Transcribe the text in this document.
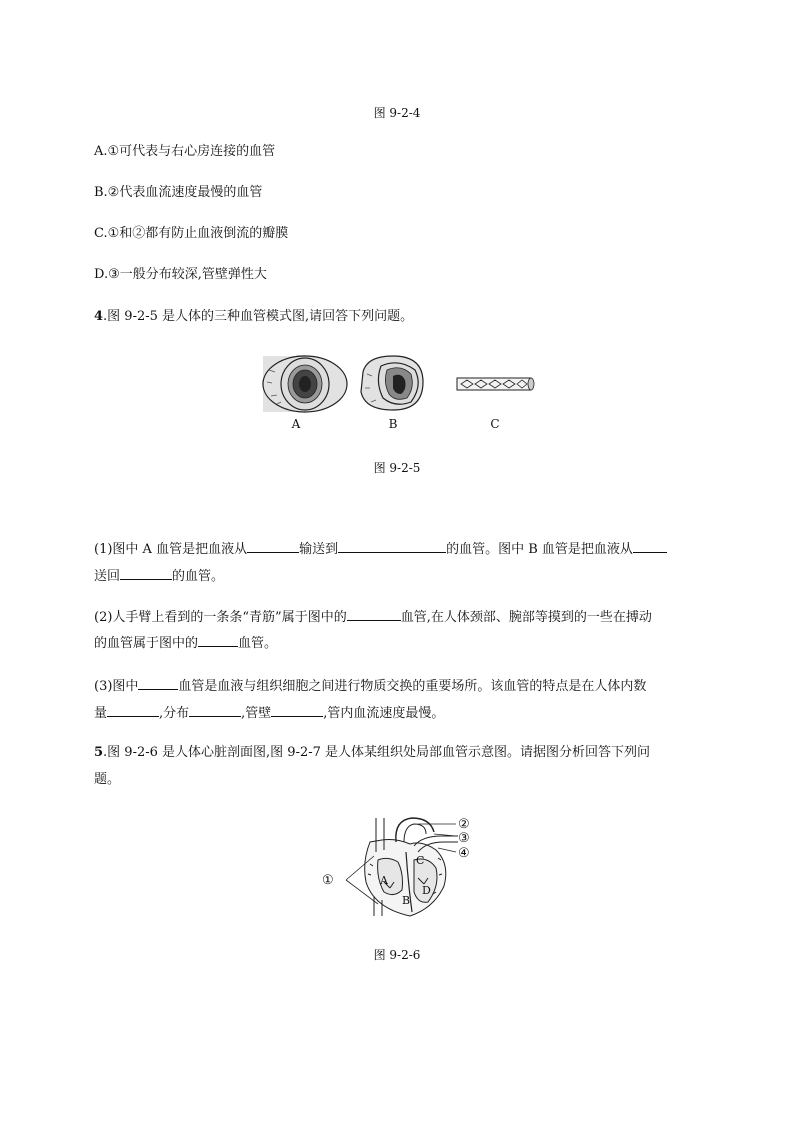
图 9-2-4
A.①可代表与右心房连接的血管
B.②代表血流速度最慢的血管
C.①和②都有防止血液倒流的瓣膜
D.③一般分布较深,管壁弹性大
4.图 9-2-5 是人体的三种血管模式图,请回答下列问题。
A	B	C
图 9-2-5
(1)图中 A 血管是把血液从	输送到	的血管。图中 B 血管是把血液从
送回	的血管。
(2)人手臂上看到的一条条“青筋”属于图中的	血管,在人体颈部、腕部等摸到的一些在搏动
的血管属于图中的	血管。
(3)图中	血管是血液与组织细胞之间进行物质交换的重要场所。该血管的特点是在人体内数
量	,分布	,管壁	,管内血流速度最慢。
5.图 9-2-6 是人体心脏剖面图,图 9-2-7 是人体某组织处局部血管示意图。请据图分析回答下列问
题。
①
②
③
④
A
B
C
D
图 9-2-6
